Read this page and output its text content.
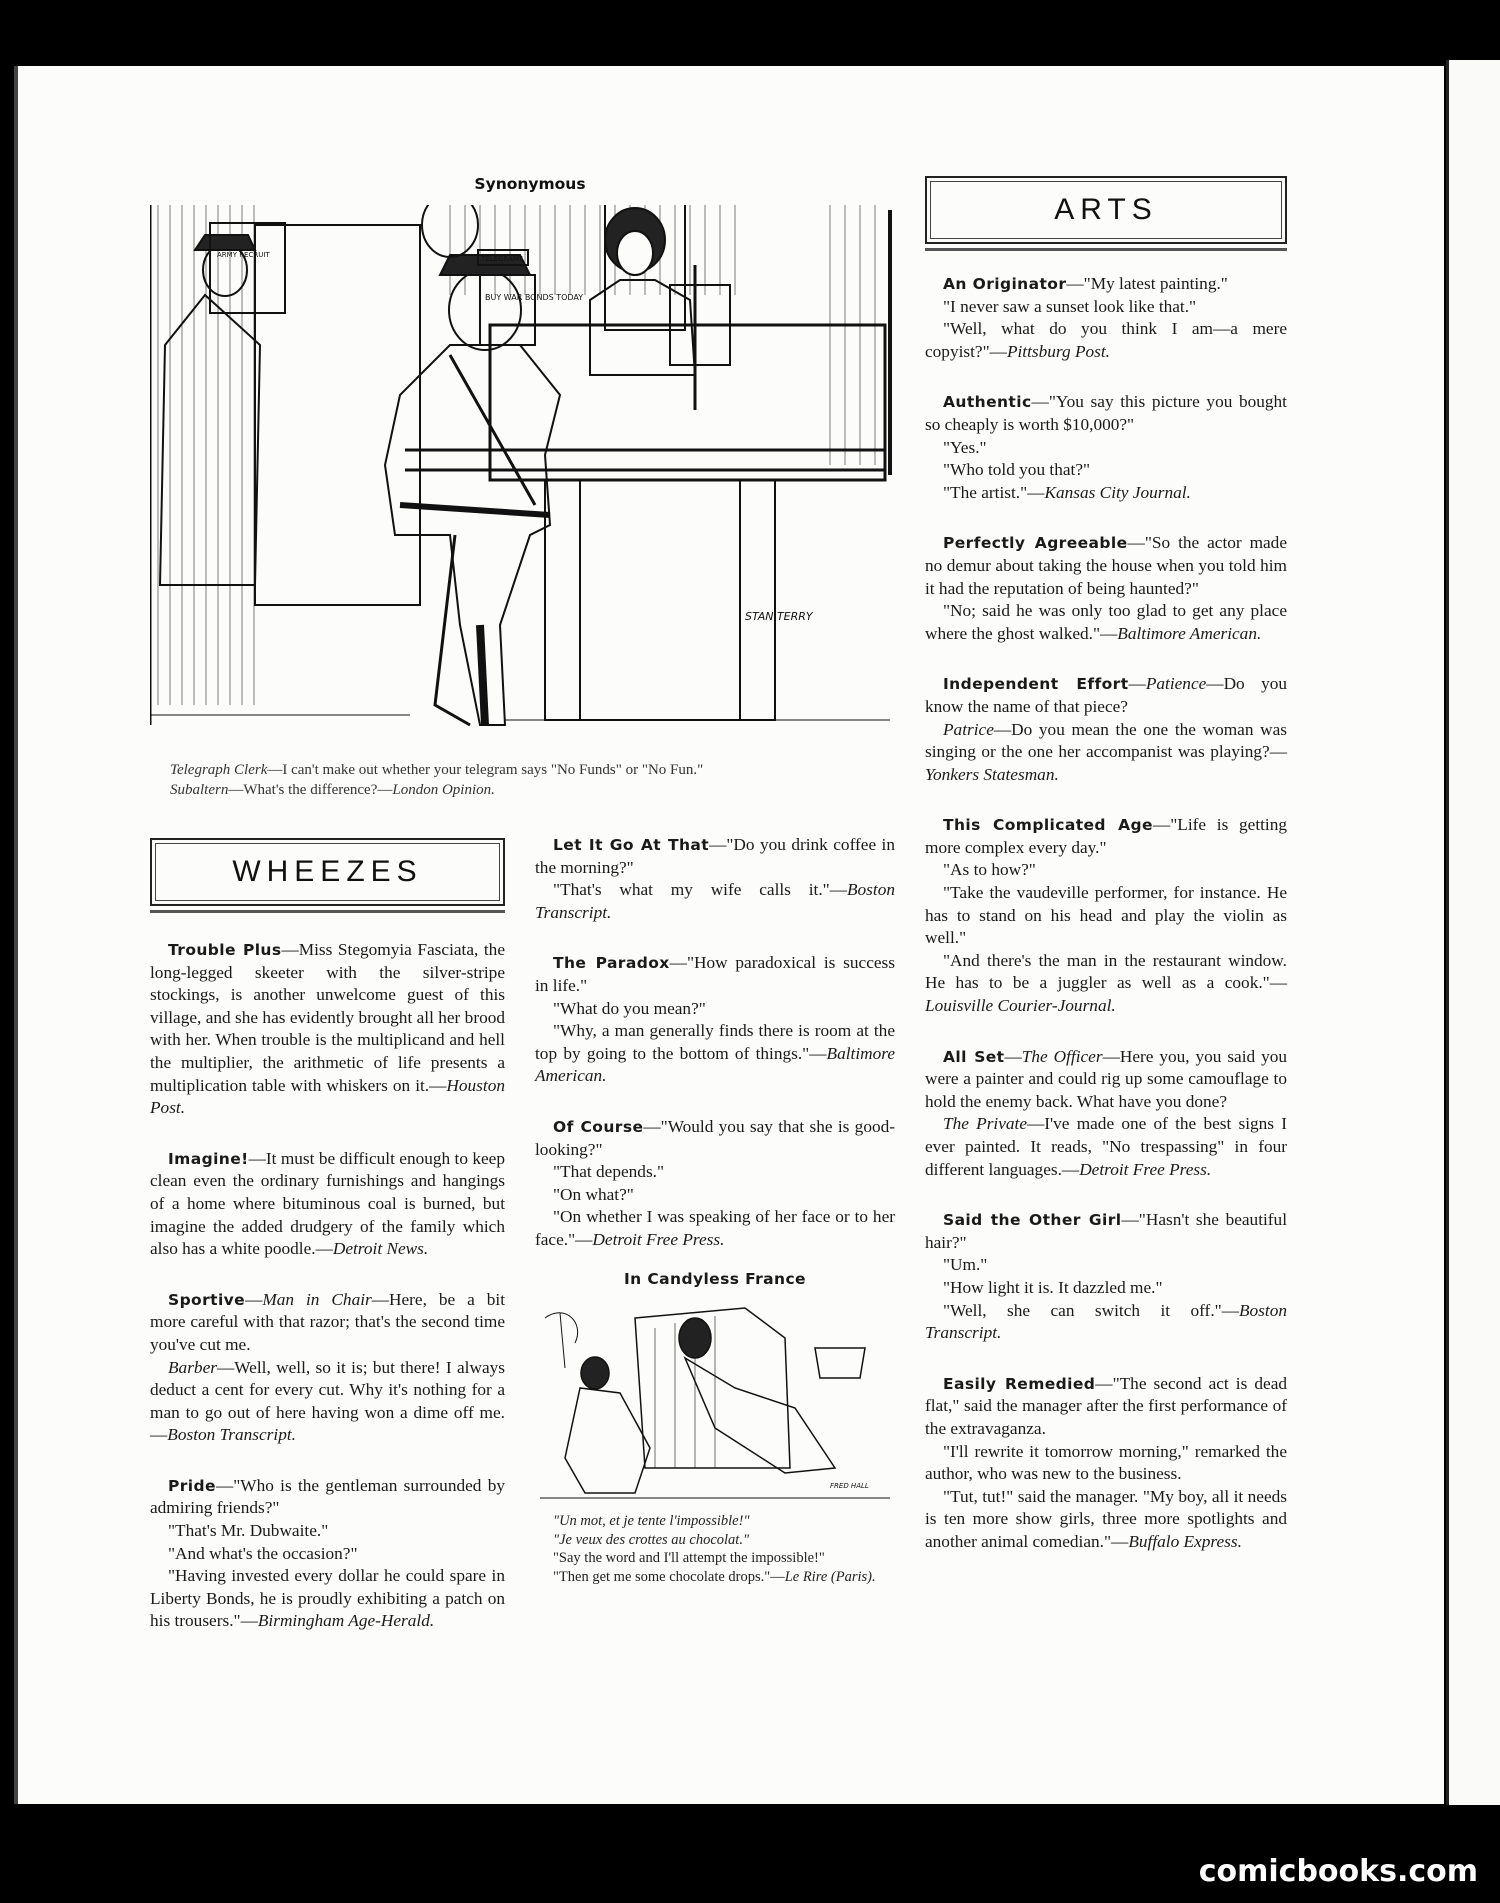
Synonymous
ARMY RECRUIT	TELEGRAMS
BUY WAR BONDS TODAY
STAN TERRY
Telegraph Clerk—I can't make out whether your telegram says "No Funds" or "No Fun."
Subaltern—What's the difference?—London Opinion.
WHEEZES

Trouble Plus—Miss Stegomyia Fasciata, the long-legged skeeter with the silver-stripe stockings, is another unwelcome guest of this village, and she has evidently brought all her brood with her. When trouble is the multiplicand and hell the multiplier, the arithmetic of life presents a multiplication table with whiskers on it.—Houston Post.

Imagine!—It must be difficult enough to keep clean even the ordinary furnishings and hangings of a home where bituminous coal is burned, but imagine the added drudgery of the family which also has a white poodle.—Detroit News.

Sportive—Man in Chair—Here, be a bit more careful with that razor; that's the second time you've cut me.

Barber—Well, well, so it is; but there! I always deduct a cent for every cut. Why it's nothing for a man to go out of here having won a dime off me.—Boston Transcript.

Pride—"Who is the gentleman surrounded by admiring friends?"

"That's Mr. Dubwaite."

"And what's the occasion?"

"Having invested every dollar he could spare in Liberty Bonds, he is proudly exhibiting a patch on his trousers."—Birmingham Age-Herald.

Let It Go At That—"Do you drink coffee in the morning?"

"That's what my wife calls it."—Boston Transcript.

The Paradox—"How paradoxical is success in life."

"What do you mean?"

"Why, a man generally finds there is room at the top by going to the bottom of things."—Baltimore American.

Of Course—"Would you say that she is good-looking?"

"That depends."

"On what?"

"On whether I was speaking of her face or to her face."—Detroit Free Press.

In Candyless France
FRED HALL

"Un mot, et je tente l'impossible!"

"Je veux des crottes au chocolat."

"Say the word and I'll attempt the impossible!"

"Then get me some chocolate drops."—Le Rire (Paris).

ARTS

An Originator—"My latest painting."

"I never saw a sunset look like that."

"Well, what do you think I am—a mere copyist?"—Pittsburg Post.

Authentic—"You say this picture you bought so cheaply is worth $10,000?"

"Yes."

"Who told you that?"

"The artist."—Kansas City Journal.

Perfectly Agreeable—"So the actor made no demur about taking the house when you told him it had the reputation of being haunted?"

"No; said he was only too glad to get any place where the ghost walked."—Baltimore American.

Independent Effort—Patience—Do you know the name of that piece?

Patrice—Do you mean the one the woman was singing or the one her accompanist was playing?—Yonkers Statesman.

This Complicated Age—"Life is getting more complex every day."

"As to how?"

"Take the vaudeville performer, for instance. He has to stand on his head and play the violin as well."

"And there's the man in the restaurant window. He has to be a juggler as well as a cook."—Louisville Courier-Journal.

All Set—The Officer—Here you, you said you were a painter and could rig up some camouflage to hold the enemy back. What have you done?

The Private—I've made one of the best signs I ever painted. It reads, "No trespassing" in four different languages.—Detroit Free Press.

Said the Other Girl—"Hasn't she beautiful hair?"

"Um."

"How light it is. It dazzled me."

"Well, she can switch it off."—Boston Transcript.

Easily Remedied—"The second act is dead flat," said the manager after the first performance of the extravaganza.

"I'll rewrite it tomorrow morning," remarked the author, who was new to the business.

"Tut, tut!" said the manager. "My boy, all it needs is ten more show girls, three more spotlights and another animal comedian."—Buffalo Express.

comicbooks.com
